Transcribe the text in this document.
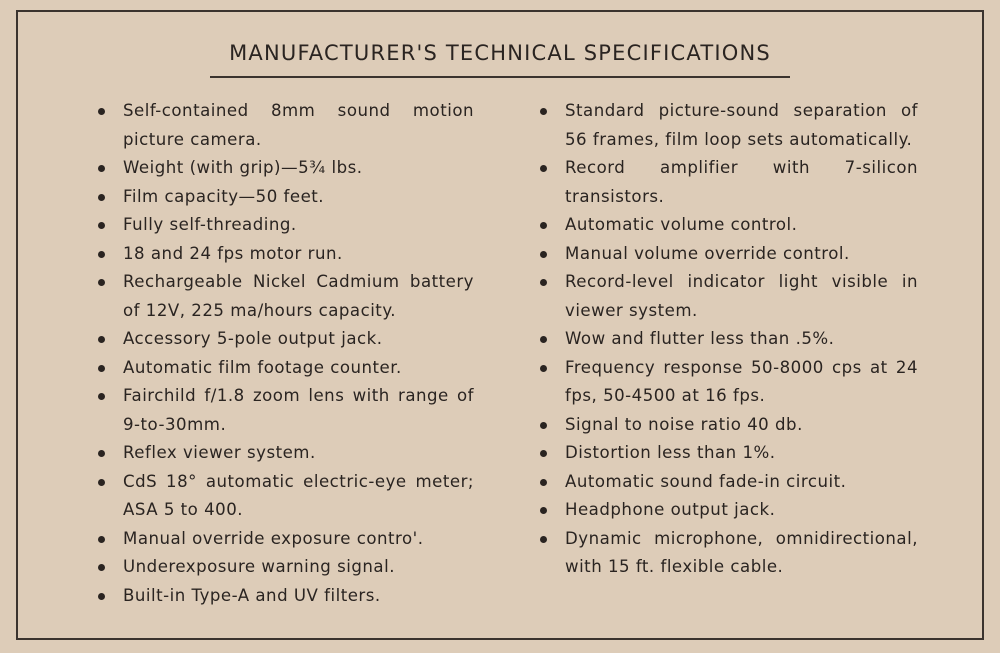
MANUFACTURER'S TECHNICAL SPECIFICATIONS
Self-contained 8mm sound motion picture camera.
Weight (with grip)—5¾ lbs.
Film capacity—50 feet.
Fully self-threading.
18 and 24 fps motor run.
Rechargeable Nickel Cadmium battery of 12V, 225 ma/hours capacity.
Accessory 5-pole output jack.
Automatic film footage counter.
Fairchild f/1.8 zoom lens with range of 9-to-30mm.
Reflex viewer system.
CdS 18° automatic electric-eye meter; ASA 5 to 400.
Manual override exposure contro'.
Underexposure warning signal.
Built-in Type-A and UV filters.
Standard picture-sound separation of 56 frames, film loop sets automatically.
Record amplifier with 7-silicon transistors.
Automatic volume control.
Manual volume override control.
Record-level indicator light visible in viewer system.
Wow and flutter less than .5%.
Frequency response 50-8000 cps at 24 fps, 50-4500 at 16 fps.
Signal to noise ratio 40 db.
Distortion less than 1%.
Automatic sound fade-in circuit.
Headphone output jack.
Dynamic microphone, omnidirectional, with 15 ft. flexible cable.
